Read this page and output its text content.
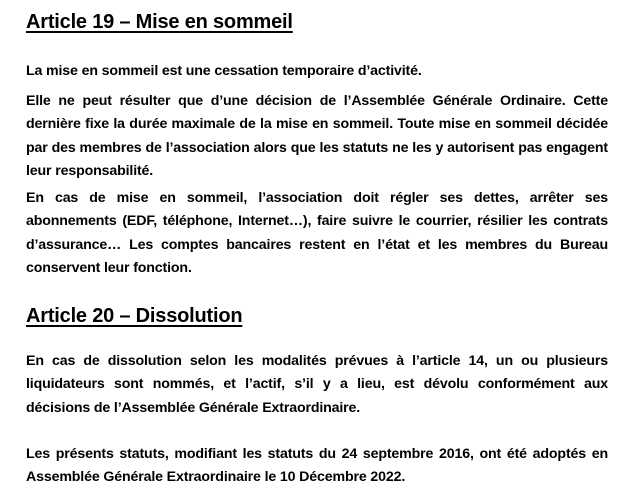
Article 19 – Mise en sommeil

La mise en sommeil est une cessation temporaire d’activité.

Elle ne peut résulter que d’une décision de l’Assemblée Générale Ordinaire. Cette dernière fixe la durée maximale de la mise en sommeil. Toute mise en sommeil décidée par des membres de l’association alors que les statuts ne les y autorisent pas engagent leur responsabilité.

En cas de mise en sommeil, l’association doit régler ses dettes, arrêter ses abonnements (EDF, téléphone, Internet…), faire suivre le courrier, résilier les contrats d’assurance… Les comptes bancaires restent en l’état et les membres du Bureau conservent leur fonction.

Article 20 – Dissolution

En cas de dissolution selon les modalités prévues à l’article 14, un ou plusieurs liquidateurs sont nommés, et l’actif, s’il y a lieu, est dévolu conformément aux décisions de l’Assemblée Générale Extraordinaire.

Les présents statuts, modifiant les statuts du 24 septembre 2016, ont été adoptés en Assemblée Générale Extraordinaire le 10 Décembre 2022.
